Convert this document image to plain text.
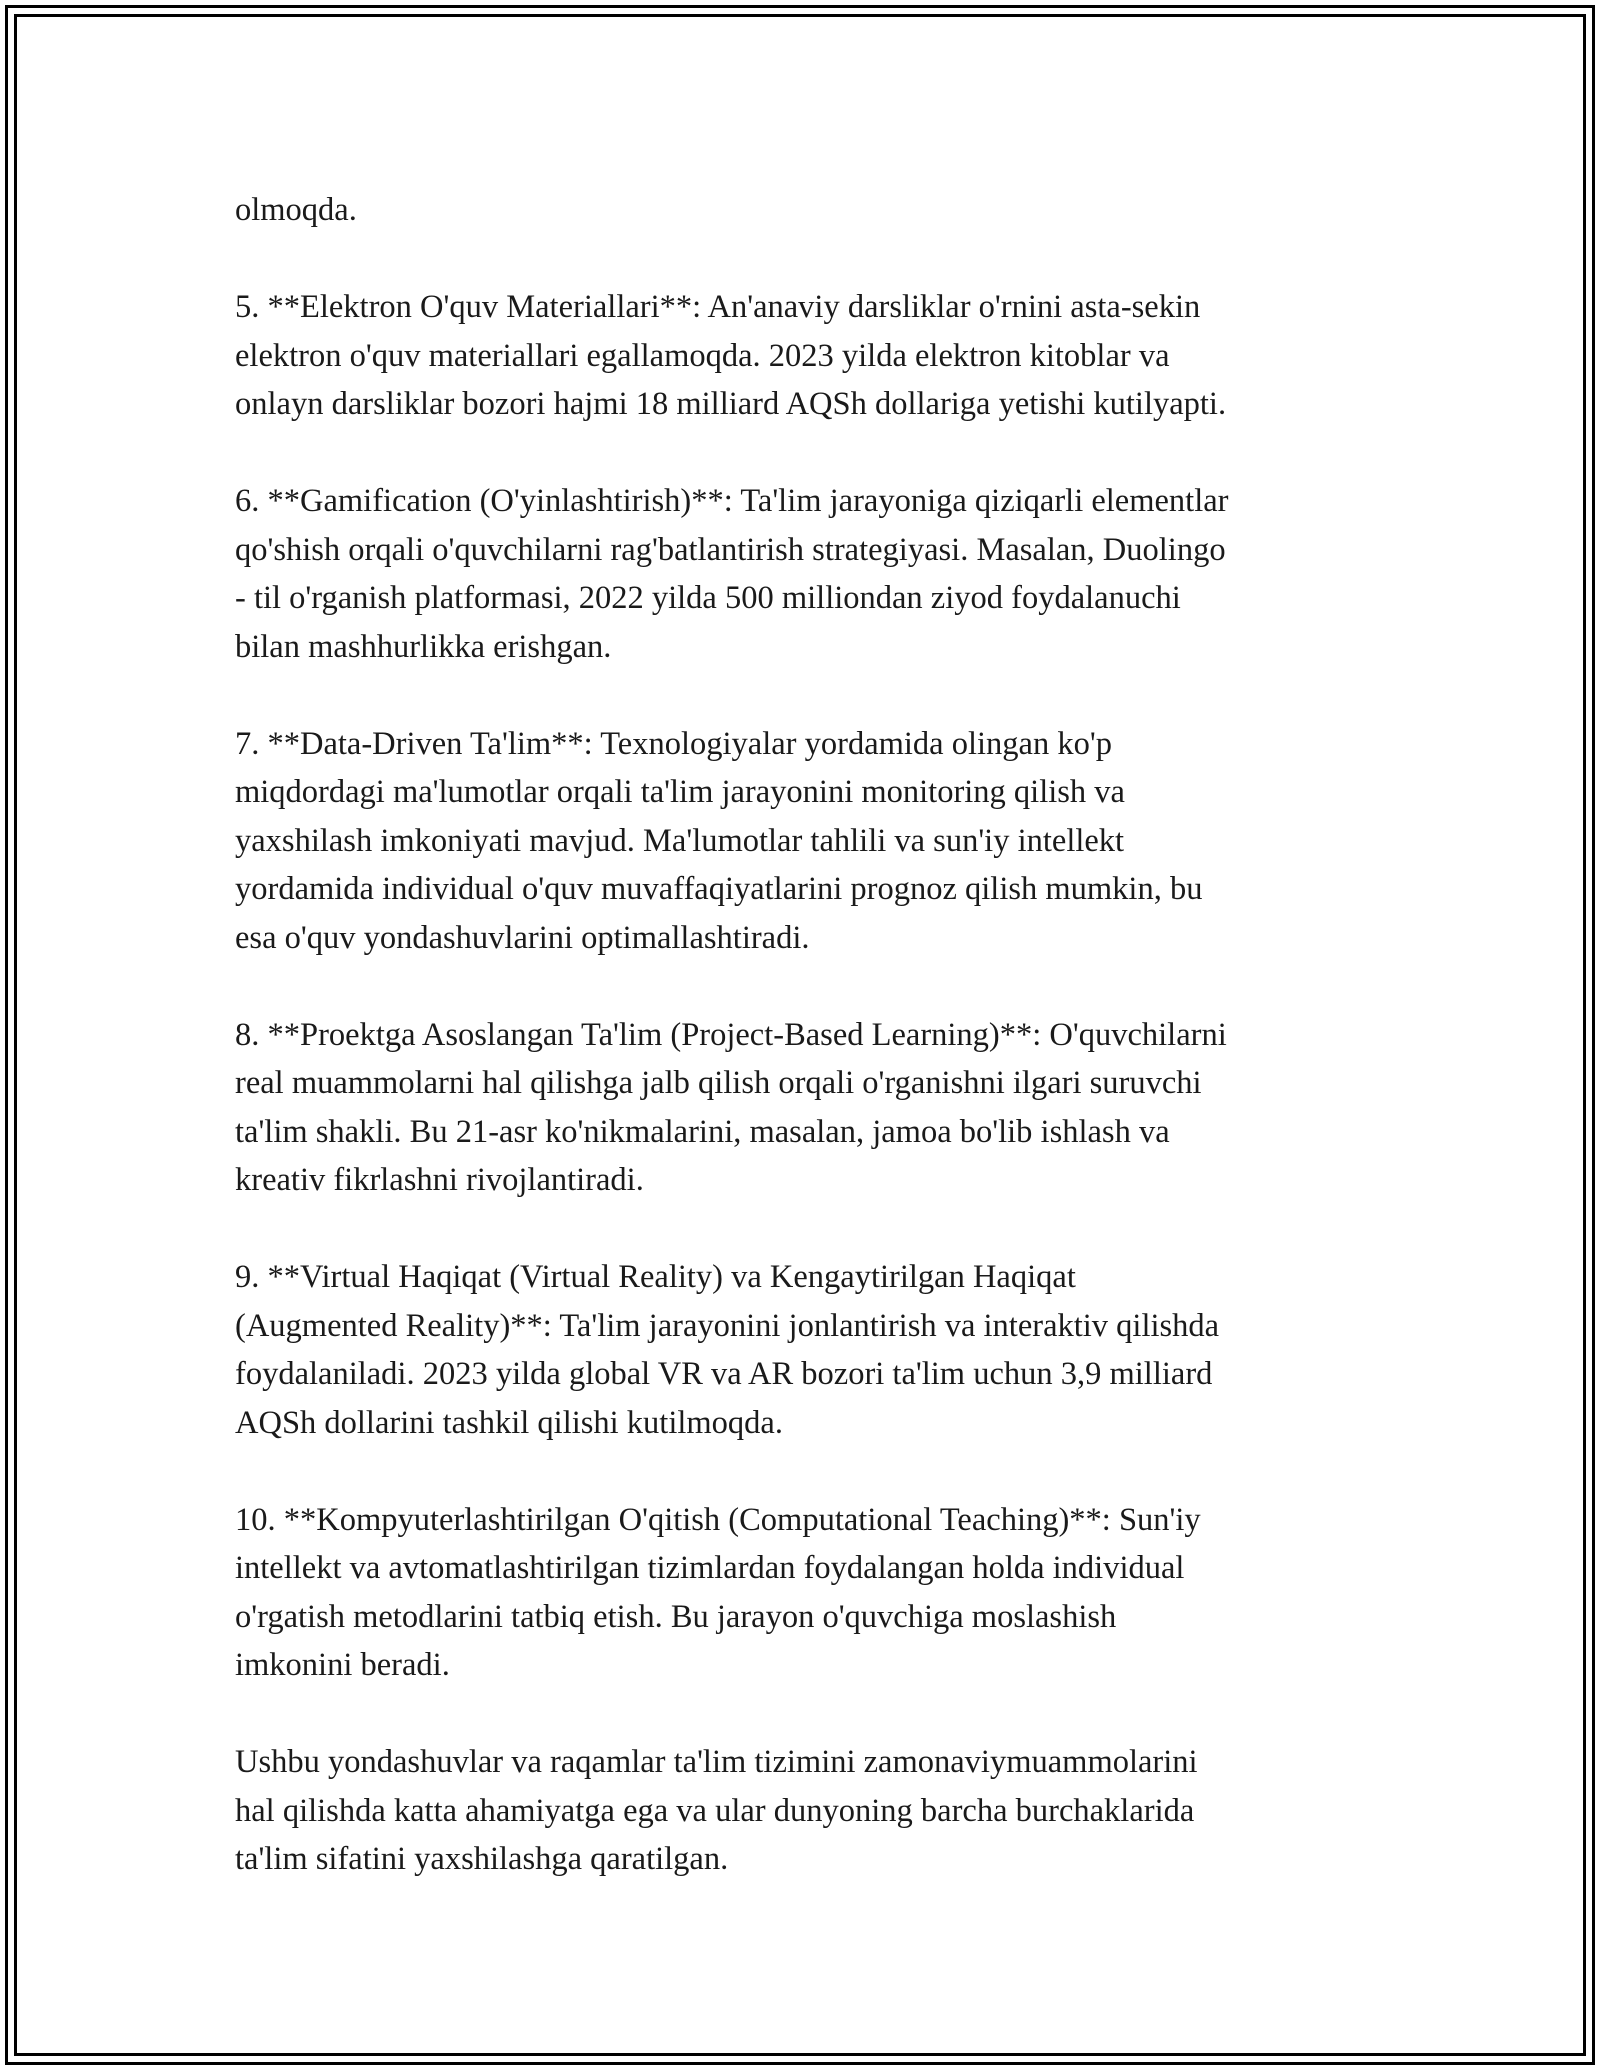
olmoqda.

5. **Elektron O'quv Materiallari**: An'anaviy darsliklar o'rnini asta-sekin
elektron o'quv materiallari egallamoqda. 2023 yilda elektron kitoblar va
onlayn darsliklar bozori hajmi 18 milliard AQSh dollariga yetishi kutilyapti.

6. **Gamification (O'yinlashtirish)**: Ta'lim jarayoniga qiziqarli elementlar
qo'shish orqali o'quvchilarni rag'batlantirish strategiyasi. Masalan, Duolingo
- til o'rganish platformasi, 2022 yilda 500 milliondan ziyod foydalanuchi
bilan mashhurlikka erishgan.

7. **Data-Driven Ta'lim**: Texnologiyalar yordamida olingan ko'p
miqdordagi ma'lumotlar orqali ta'lim jarayonini monitoring qilish va
yaxshilash imkoniyati mavjud. Ma'lumotlar tahlili va sun'iy intellekt
yordamida individual o'quv muvaffaqiyatlarini prognoz qilish mumkin, bu
esa o'quv yondashuvlarini optimallashtiradi.

8. **Proektga Asoslangan Ta'lim (Project-Based Learning)**: O'quvchilarni
real muammolarni hal qilishga jalb qilish orqali o'rganishni ilgari suruvchi
ta'lim shakli. Bu 21-asr ko'nikmalarini, masalan, jamoa bo'lib ishlash va
kreativ fikrlashni rivojlantiradi.

9. **Virtual Haqiqat (Virtual Reality) va Kengaytirilgan Haqiqat
(Augmented Reality)**: Ta'lim jarayonini jonlantirish va interaktiv qilishda
foydalaniladi. 2023 yilda global VR va AR bozori ta'lim uchun 3,9 milliard
AQSh dollarini tashkil qilishi kutilmoqda.

10. **Kompyuterlashtirilgan O'qitish (Computational Teaching)**: Sun'iy
intellekt va avtomatlashtirilgan tizimlardan foydalangan holda individual
o'rgatish metodlarini tatbiq etish. Bu jarayon o'quvchiga moslashish
imkonini beradi.

Ushbu yondashuvlar va raqamlar ta'lim tizimini zamonaviymuammolarini
hal qilishda katta ahamiyatga ega va ular dunyoning barcha burchaklarida
ta'lim sifatini yaxshilashga qaratilgan.
